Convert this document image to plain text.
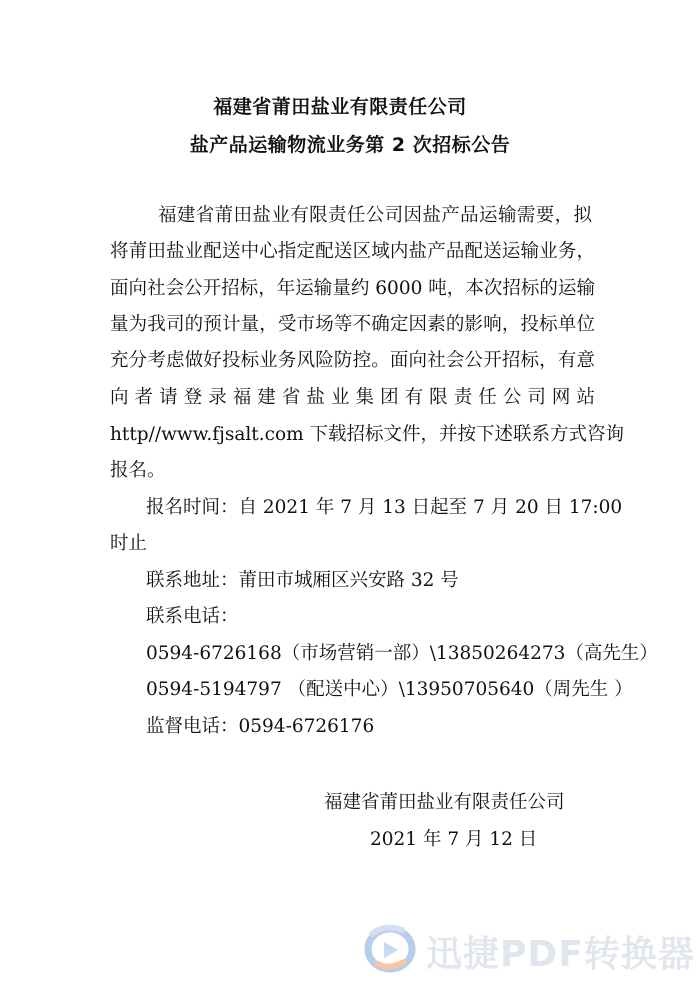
福建省莆田盐业有限责任公司
盐产品运输物流业务第 2 次招标公告

福建省莆田盐业有限责任公司因盐产品运输需要，拟

将莆田盐业配送中心指定配送区域内盐产品配送运输业务，

面向社会公开招标，年运输量约 6000 吨，本次招标的运输

量为我司的预计量，受市场等不确定因素的影响，投标单位

充分考虑做好投标业务风险防控。面向社会公开招标，有意

向者请登录福建省盐业集团有限责任公司网站

http//www.fjsalt.com 下载招标文件，并按下述联系方式咨询

报名。

报名时间：自 2021 年 7 月 13 日起至 7 月 20 日 17:00

时止

联系地址：莆田市城厢区兴安路 32 号

联系电话：

0594-6726168（市场营销一部）\13850264273（高先生）

0594-5194797 （配送中心）\13950705640（周先生 ）

监督电话：0594-6726176

福建省莆田盐业有限责任公司

2021 年 7 月 12 日

迅捷PDF转换器
